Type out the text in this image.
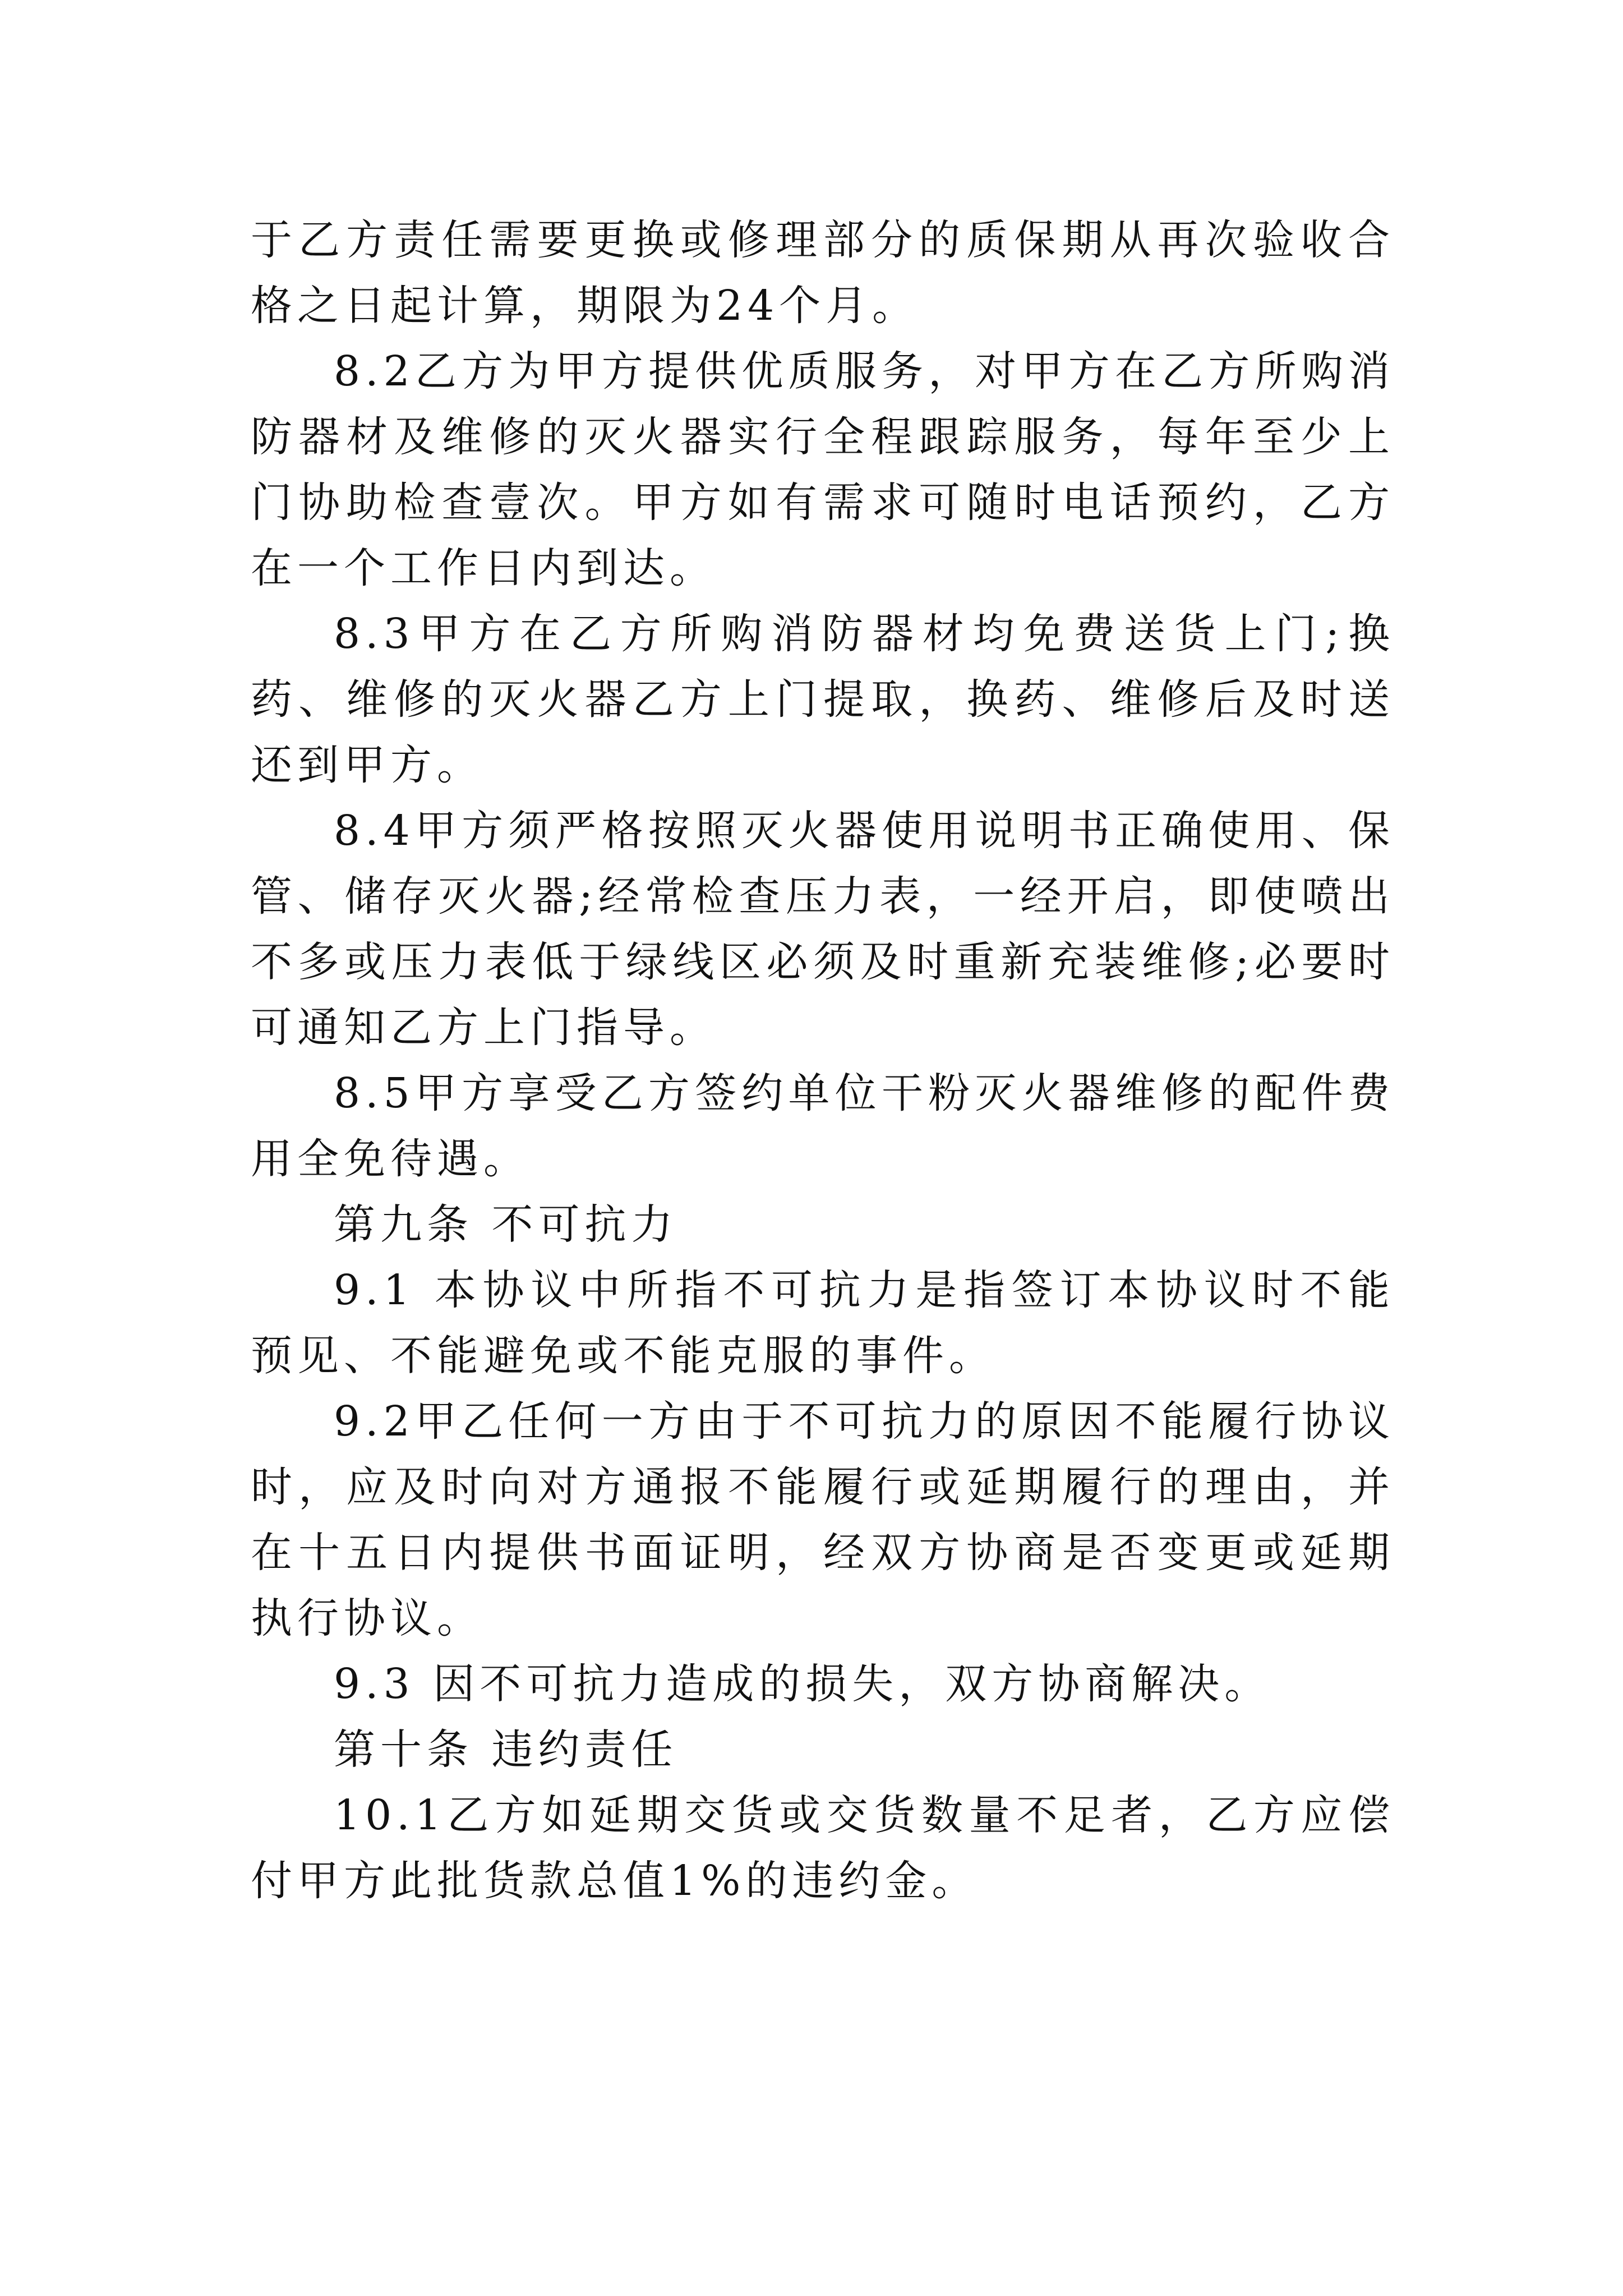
于乙方责任需要更换或修理部分的质保期从再次验收合格之日起计算，期限为24个月。

8.2乙方为甲方提供优质服务，对甲方在乙方所购消防器材及维修的灭火器实行全程跟踪服务，每年至少上门协助检查壹次。甲方如有需求可随时电话预约，乙方在一个工作日内到达。

8.3甲方在乙方所购消防器材均免费送货上门;换药、维修的灭火器乙方上门提取，换药、维修后及时送还到甲方。

8.4甲方须严格按照灭火器使用说明书正确使用、保管、储存灭火器;经常检查压力表，一经开启，即使喷出不多或压力表低于绿线区必须及时重新充装维修;必要时可通知乙方上门指导。

8.5甲方享受乙方签约单位干粉灭火器维修的配件费用全免待遇。

第九条 不可抗力

9.1 本协议中所指不可抗力是指签订本协议时不能预见、不能避免或不能克服的事件。

9.2甲乙任何一方由于不可抗力的原因不能履行协议时，应及时向对方通报不能履行或延期履行的理由，并在十五日内提供书面证明，经双方协商是否变更或延期执行协议。

9.3 因不可抗力造成的损失，双方协商解决。

第十条 违约责任

10.1乙方如延期交货或交货数量不足者，乙方应偿付甲方此批货款总值1%的违约金。
